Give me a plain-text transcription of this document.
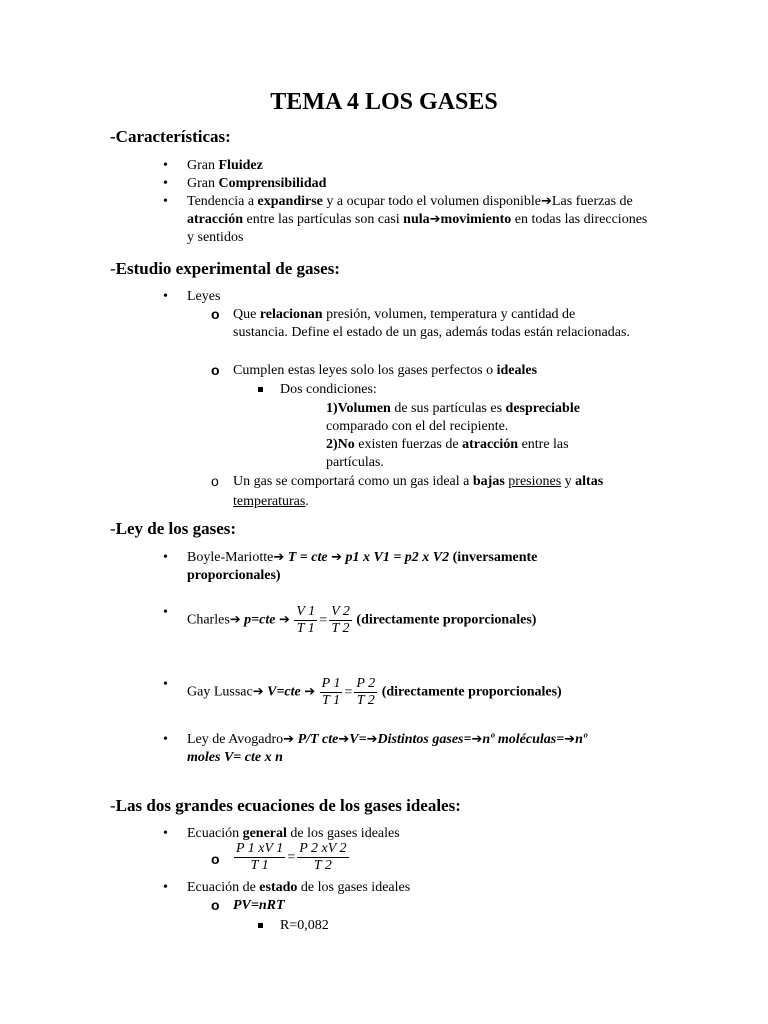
TEMA 4 LOS GASES
-Características:
• Gran Fluidez
• Gran Comprensibilidad
• Tendencia a expandirse y a ocupar todo el volumen disponible➔Las fuerzas de atracción entre las partículas son casi nula➔movimiento en todas las direcciones y sentidos
-Estudio experimental de gases:
• Leyes
o Que relacionan presión, volumen, temperatura y cantidad de sustancia. Define el estado de un gas, además todas están relacionadas.
o Cumplen estas leyes solo los gases perfectos o ideales
Dos condiciones:
1)Volumen de sus partículas es despreciable
comparado con el del recipiente.
2)No existen fuerzas de atracción entre las
partículas.
o Un gas se comportará como un gas ideal a bajas presiones y altas
temperaturas.
-Ley de los gases:
• Boyle-Mariotte➔ T = cte ➔ p1 x V1 = p2 x V2 (inversamente proporcionales)
• Charles➔ p=cte ➔ $\frac{V 1}{T 1} = \frac{V 2}{T 2}$ (directamente proporcionales)
• Gay Lussac➔ V=cte ➔ $\frac{P 1}{T 1} = \frac{P 2}{T 2}$ (directamente proporcionales)
• Ley de Avogadro➔ P/T cte➔V=➔Distintos gases=➔nº moléculas=➔nº
moles V= cte x n
-Las dos grandes ecuaciones de los gases ideales:
• Ecuación general de los gases ideales
o $\frac{P 1 xV 1}{T 1} = \frac{P 2 xV 2}{T 2}$
• Ecuación de estado de los gases ideales
o PV=nRT
R=0,082
